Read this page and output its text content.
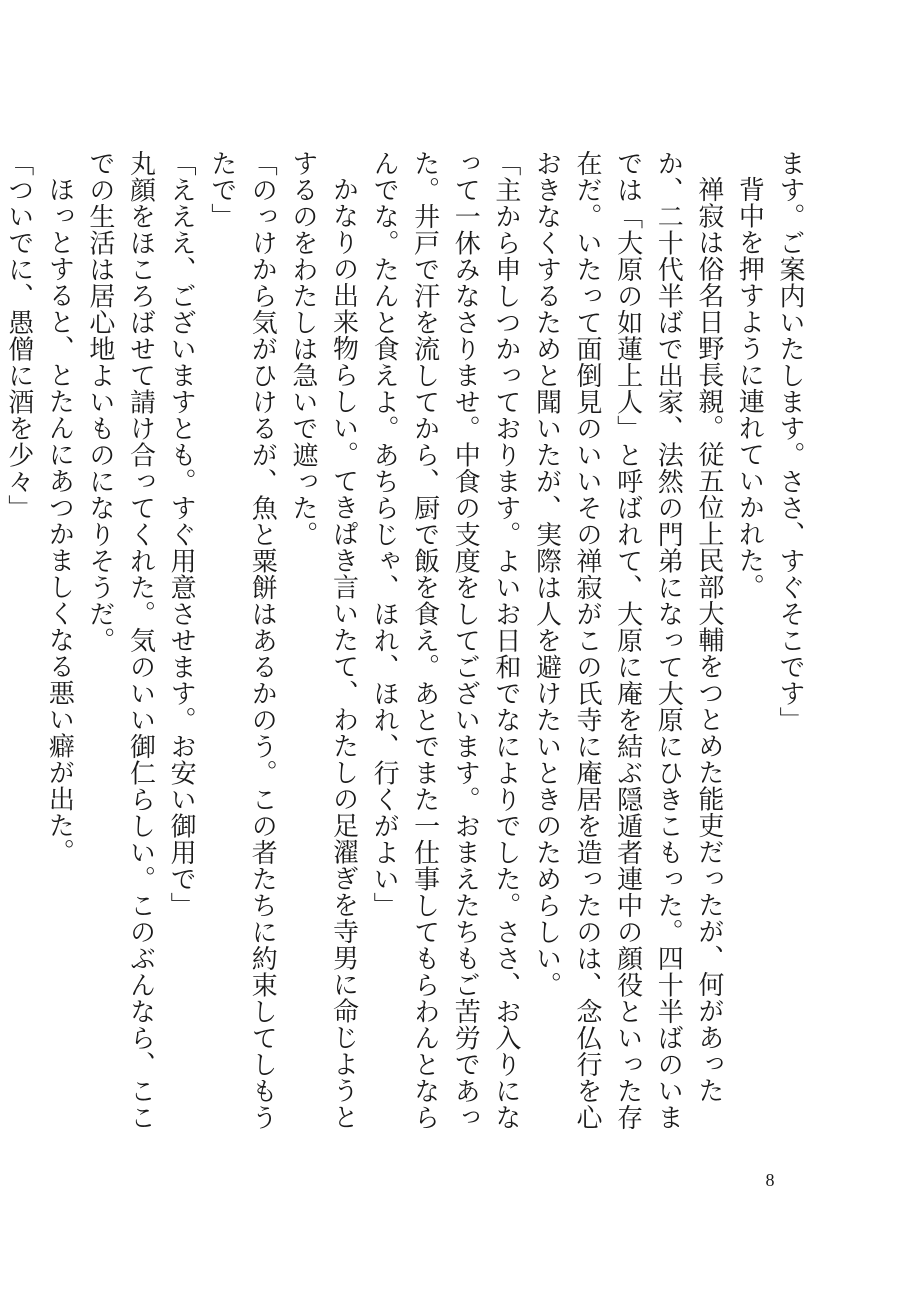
ます。ご案内いたします。ささ、すぐそこです」

背中を押すように連れていかれた。

禅寂は俗名日野長親。従五位上民部大輔をつとめた能吏だったが、何があったか、二十代半ばで出家、法然の門弟になって大原にひきこもった。四十半ばのいまでは「大原の如蓮上人」と呼ばれて、大原に庵を結ぶ隠遁者連中の顔役といった存在だ。いたって面倒見のいいその禅寂がこの氏寺に庵居を造ったのは、念仏行を心おきなくするためと聞いたが、実際は人を避けたいときのためらしい。

「主から申しつかっております。よいお日和でなによりでした。ささ、お入りになって一休みなさりませ。中食の支度をしてございます。おまえたちもご苦労であった。井戸で汗を流してから、厨で飯を食え。あとでまた一仕事してもらわんとならんでな。たんと食えよ。あちらじゃ、ほれ、ほれ、行くがよい」

かなりの出来物らしい。てきぱき言いたて、わたしの足濯ぎを寺男に命じようとするのをわたしは急いで遮った。

「のっけから気がひけるが、魚と粟餅はあるかのう。この者たちに約束してしもうたで」

「えええ、ございますとも。すぐ用意させます。お安い御用で」

丸顔をほころばせて請け合ってくれた。気のいい御仁らしい。このぶんなら、ここでの生活は居心地よいものになりそうだ。

ほっとすると、とたんにあつかましくなる悪い癖が出た。

「ついでに、愚僧に酒を少々」

8
